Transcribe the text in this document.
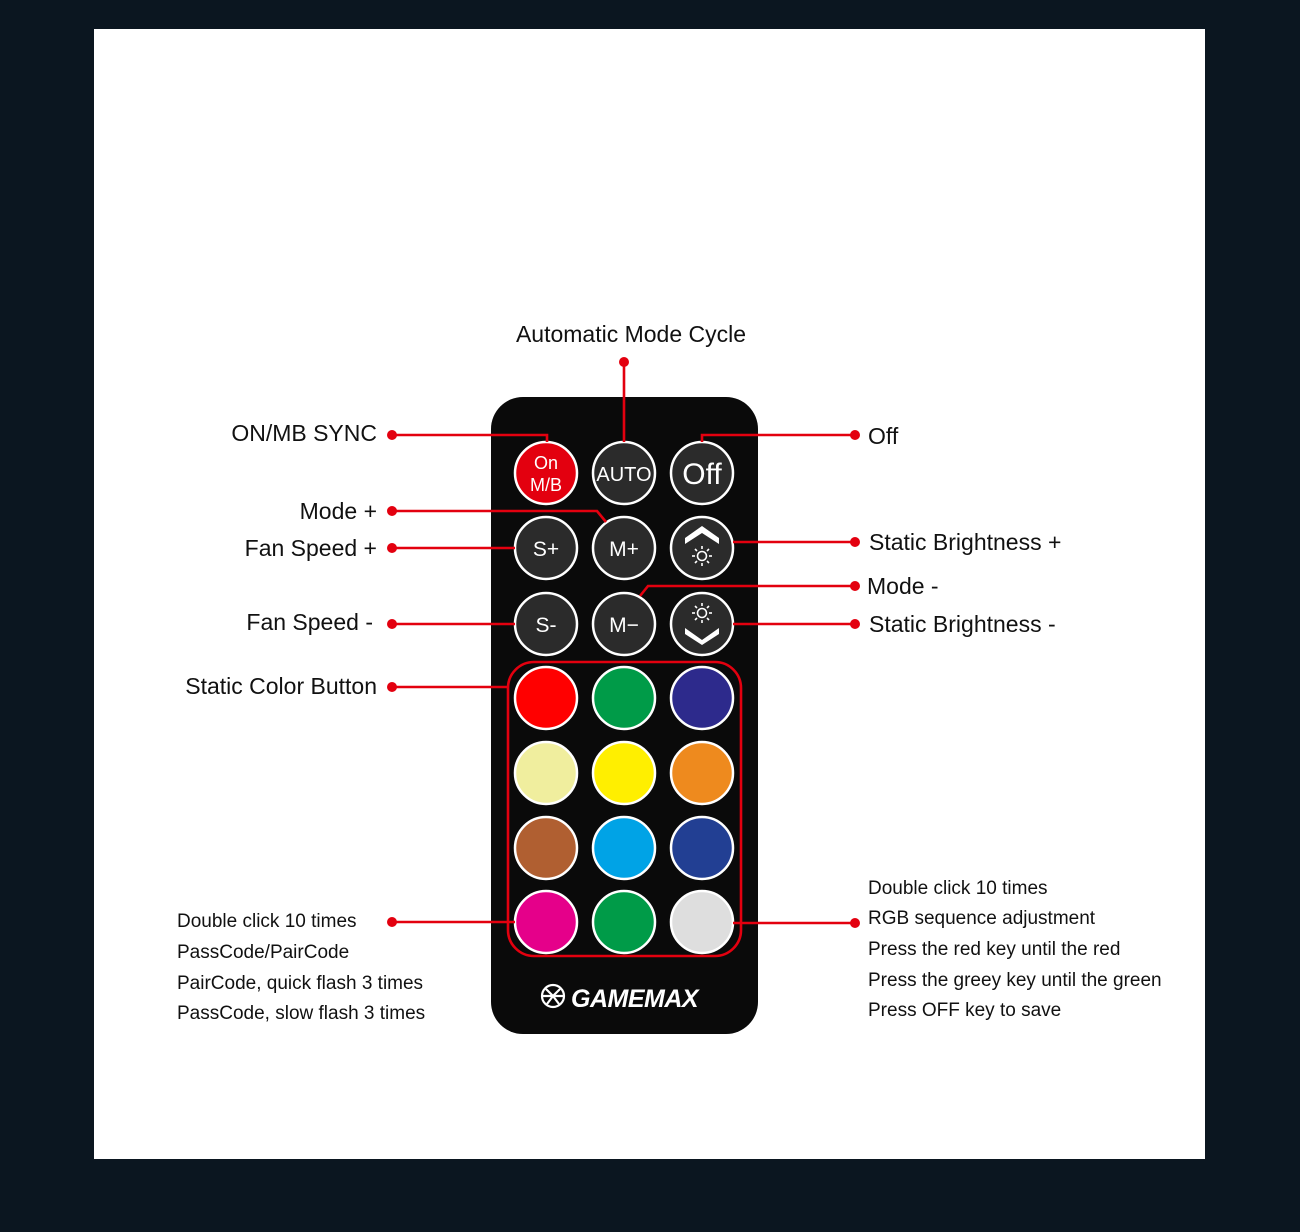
On
M/B AUTO Off
S+ M+
S-	M−
GAMEMAX
Automatic Mode Cycle
ON/MB SYNC	Off
Mode +
Fan Speed +	Static Brightness +
Mode -
Fan Speed -	Static Brightness -
Static Color Button
Double click 10 times
PassCode/PairCode
PairCode, quick flash 3 times
PassCode, slow flash 3 times
Double click 10 times
RGB sequence adjustment
Press the red key until the red
Press the greey key until the green
Press OFF key to save
